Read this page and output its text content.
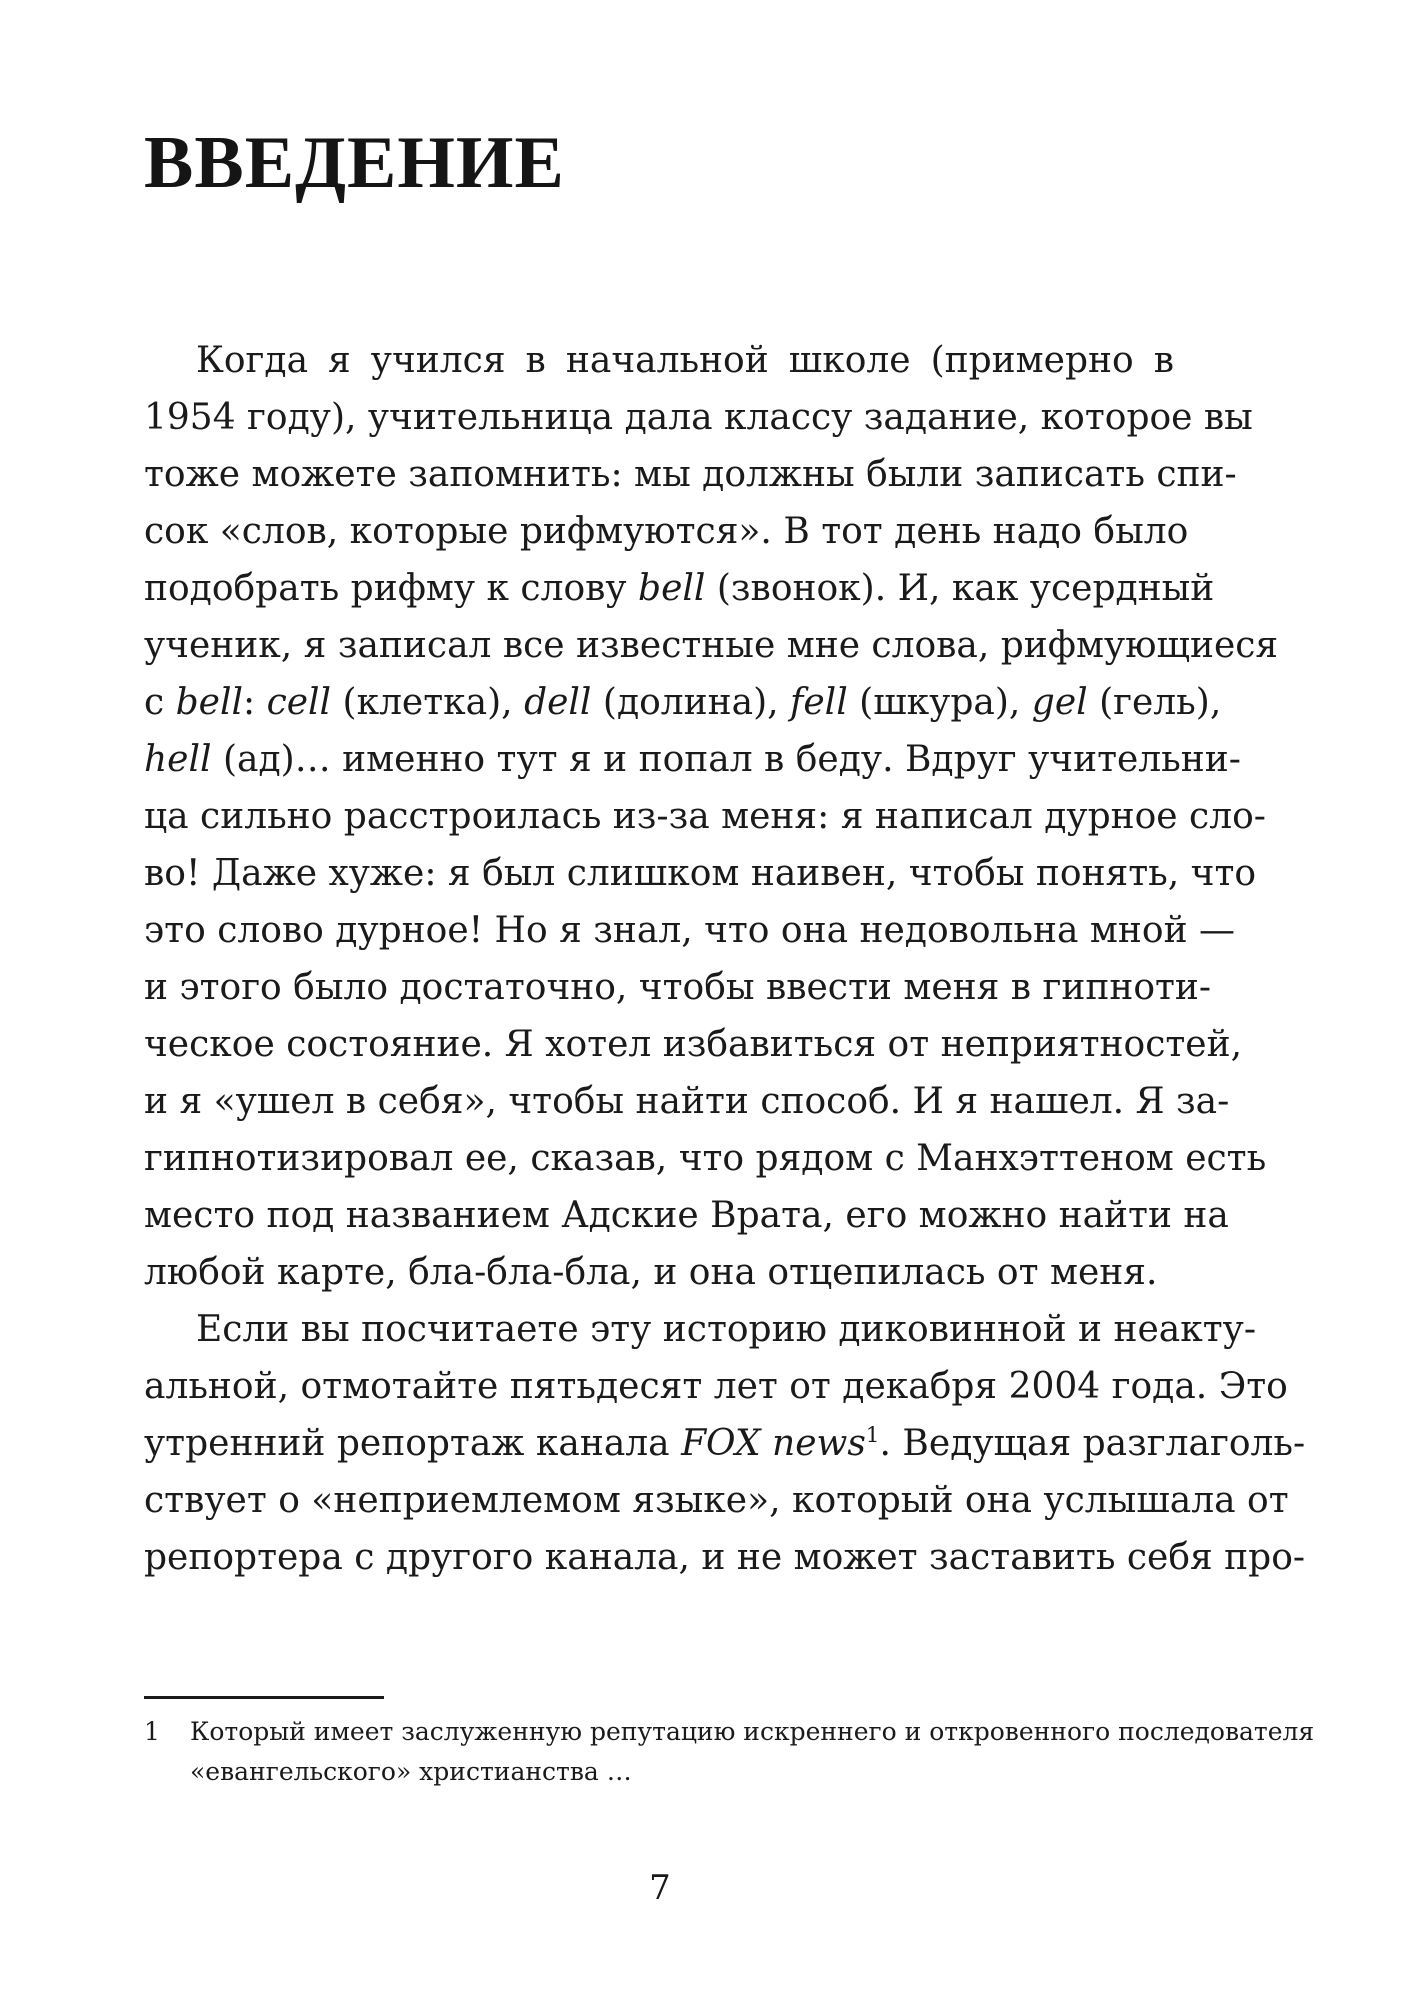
ВВЕДЕНИЕ
Когда я учился в начальной школе (примерно в
1954 году), учительница дала классу задание, которое вы
тоже можете запомнить: мы должны были записать спи-
сок «слов, которые рифмуются». В тот день надо было
подобрать рифму к слову bell (звонок). И, как усердный
ученик, я записал все известные мне слова, рифмующиеся
с bell: cell (клетка), dell (долина), fell (шкура), gel (гель),
hell (ад)… именно тут я и попал в беду. Вдруг учительни-
ца сильно расстроилась из-за меня: я написал дурное сло-
во! Даже хуже: я был слишком наивен, чтобы понять, что
это слово дурное! Но я знал, что она недовольна мной —
и этого было достаточно, чтобы ввести меня в гипноти-
ческое состояние. Я хотел избавиться от неприятностей,
и я «ушел в себя», чтобы найти способ. И я нашел. Я за-
гипнотизировал ее, сказав, что рядом с Манхэттеном есть
место под названием Адские Врата, его можно найти на
любой карте, бла-бла-бла, и она отцепилась от меня.
Если вы посчитаете эту историю диковинной и неакту-
альной, отмотайте пятьдесят лет от декабря 2004 года. Это
утренний репортаж канала FOX news$^1$. Ведущая разглаголь-
ствует о «неприемлемом языке», который она услышала от
репортера с другого канала, и не может заставить себя про-
1	Который имеет заслуженную репутацию искреннего и откровенного последователя
«евангельского» христианства …
7
